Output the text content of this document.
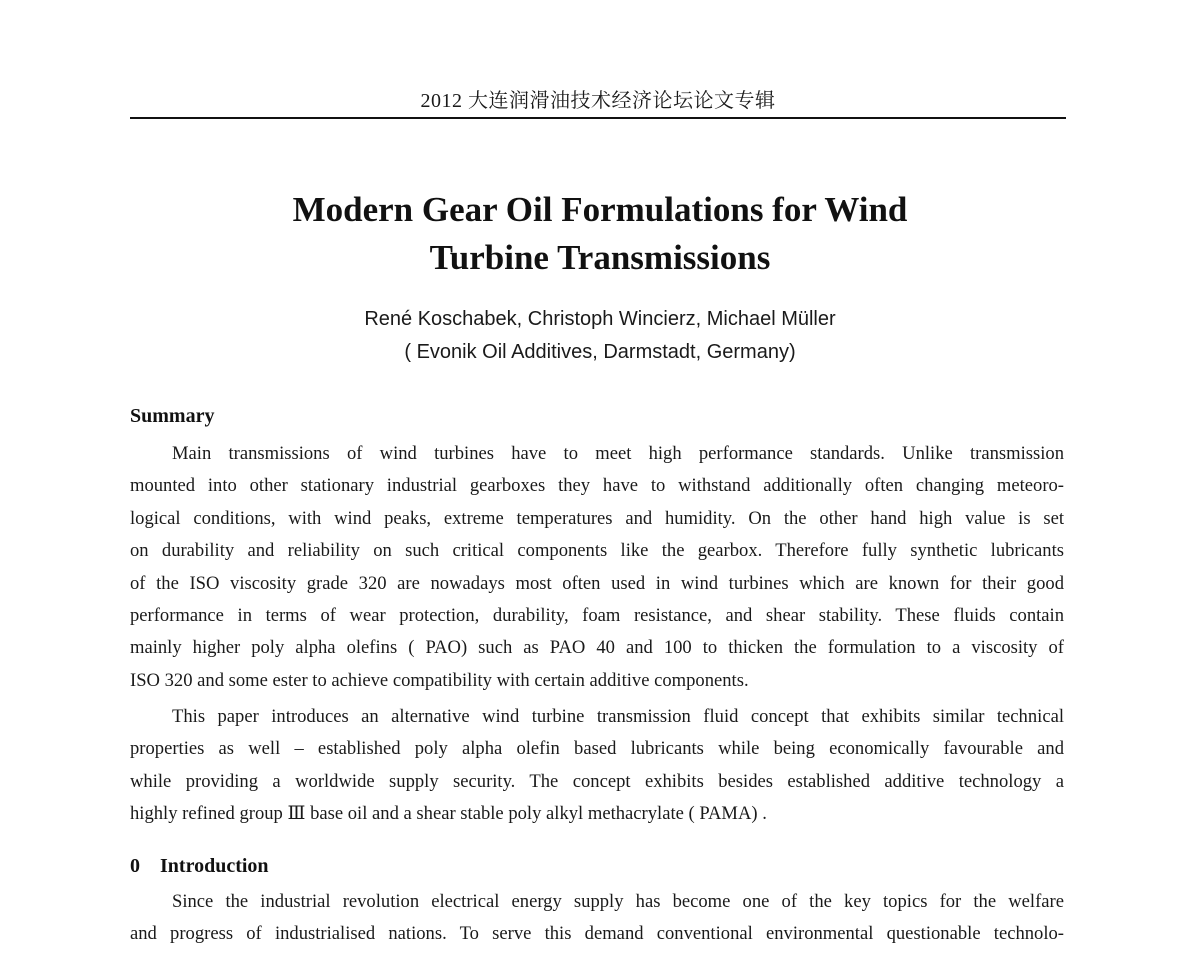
2012 大连润滑油技术经济论坛论文专辑
Modern Gear Oil Formulations for Wind
Turbine Transmissions
René Koschabek, Christoph Wincierz, Michael Müller
( Evonik Oil Additives, Darmstadt, Germany)
Summary

Main transmissions of wind turbines have to meet high performance standards. Unlike transmission
mounted into other stationary industrial gearboxes they have to withstand additionally often changing meteoro-
logical conditions, with wind peaks, extreme temperatures and humidity. On the other hand high value is set
on durability and reliability on such critical components like the gearbox. Therefore fully synthetic lubricants
of the ISO viscosity grade 320 are nowadays most often used in wind turbines which are known for their good
performance in terms of wear protection, durability, foam resistance, and shear stability. These fluids contain
mainly higher poly alpha olefins ( PAO) such as PAO 40 and 100 to thicken the formulation to a viscosity of
ISO 320 and some ester to achieve compatibility with certain additive components.

This paper introduces an alternative wind turbine transmission fluid concept that exhibits similar technical
properties as well – established poly alpha olefin based lubricants while being economically favourable and
while providing a worldwide supply security. The concept exhibits besides established additive technology a
highly refined group Ⅲ base oil and a shear stable poly alkyl methacrylate ( PAMA) .

0 Introduction

Since the industrial revolution electrical energy supply has become one of the key topics for the welfare
and progress of industrialised nations. To serve this demand conventional environmental questionable technolo-
